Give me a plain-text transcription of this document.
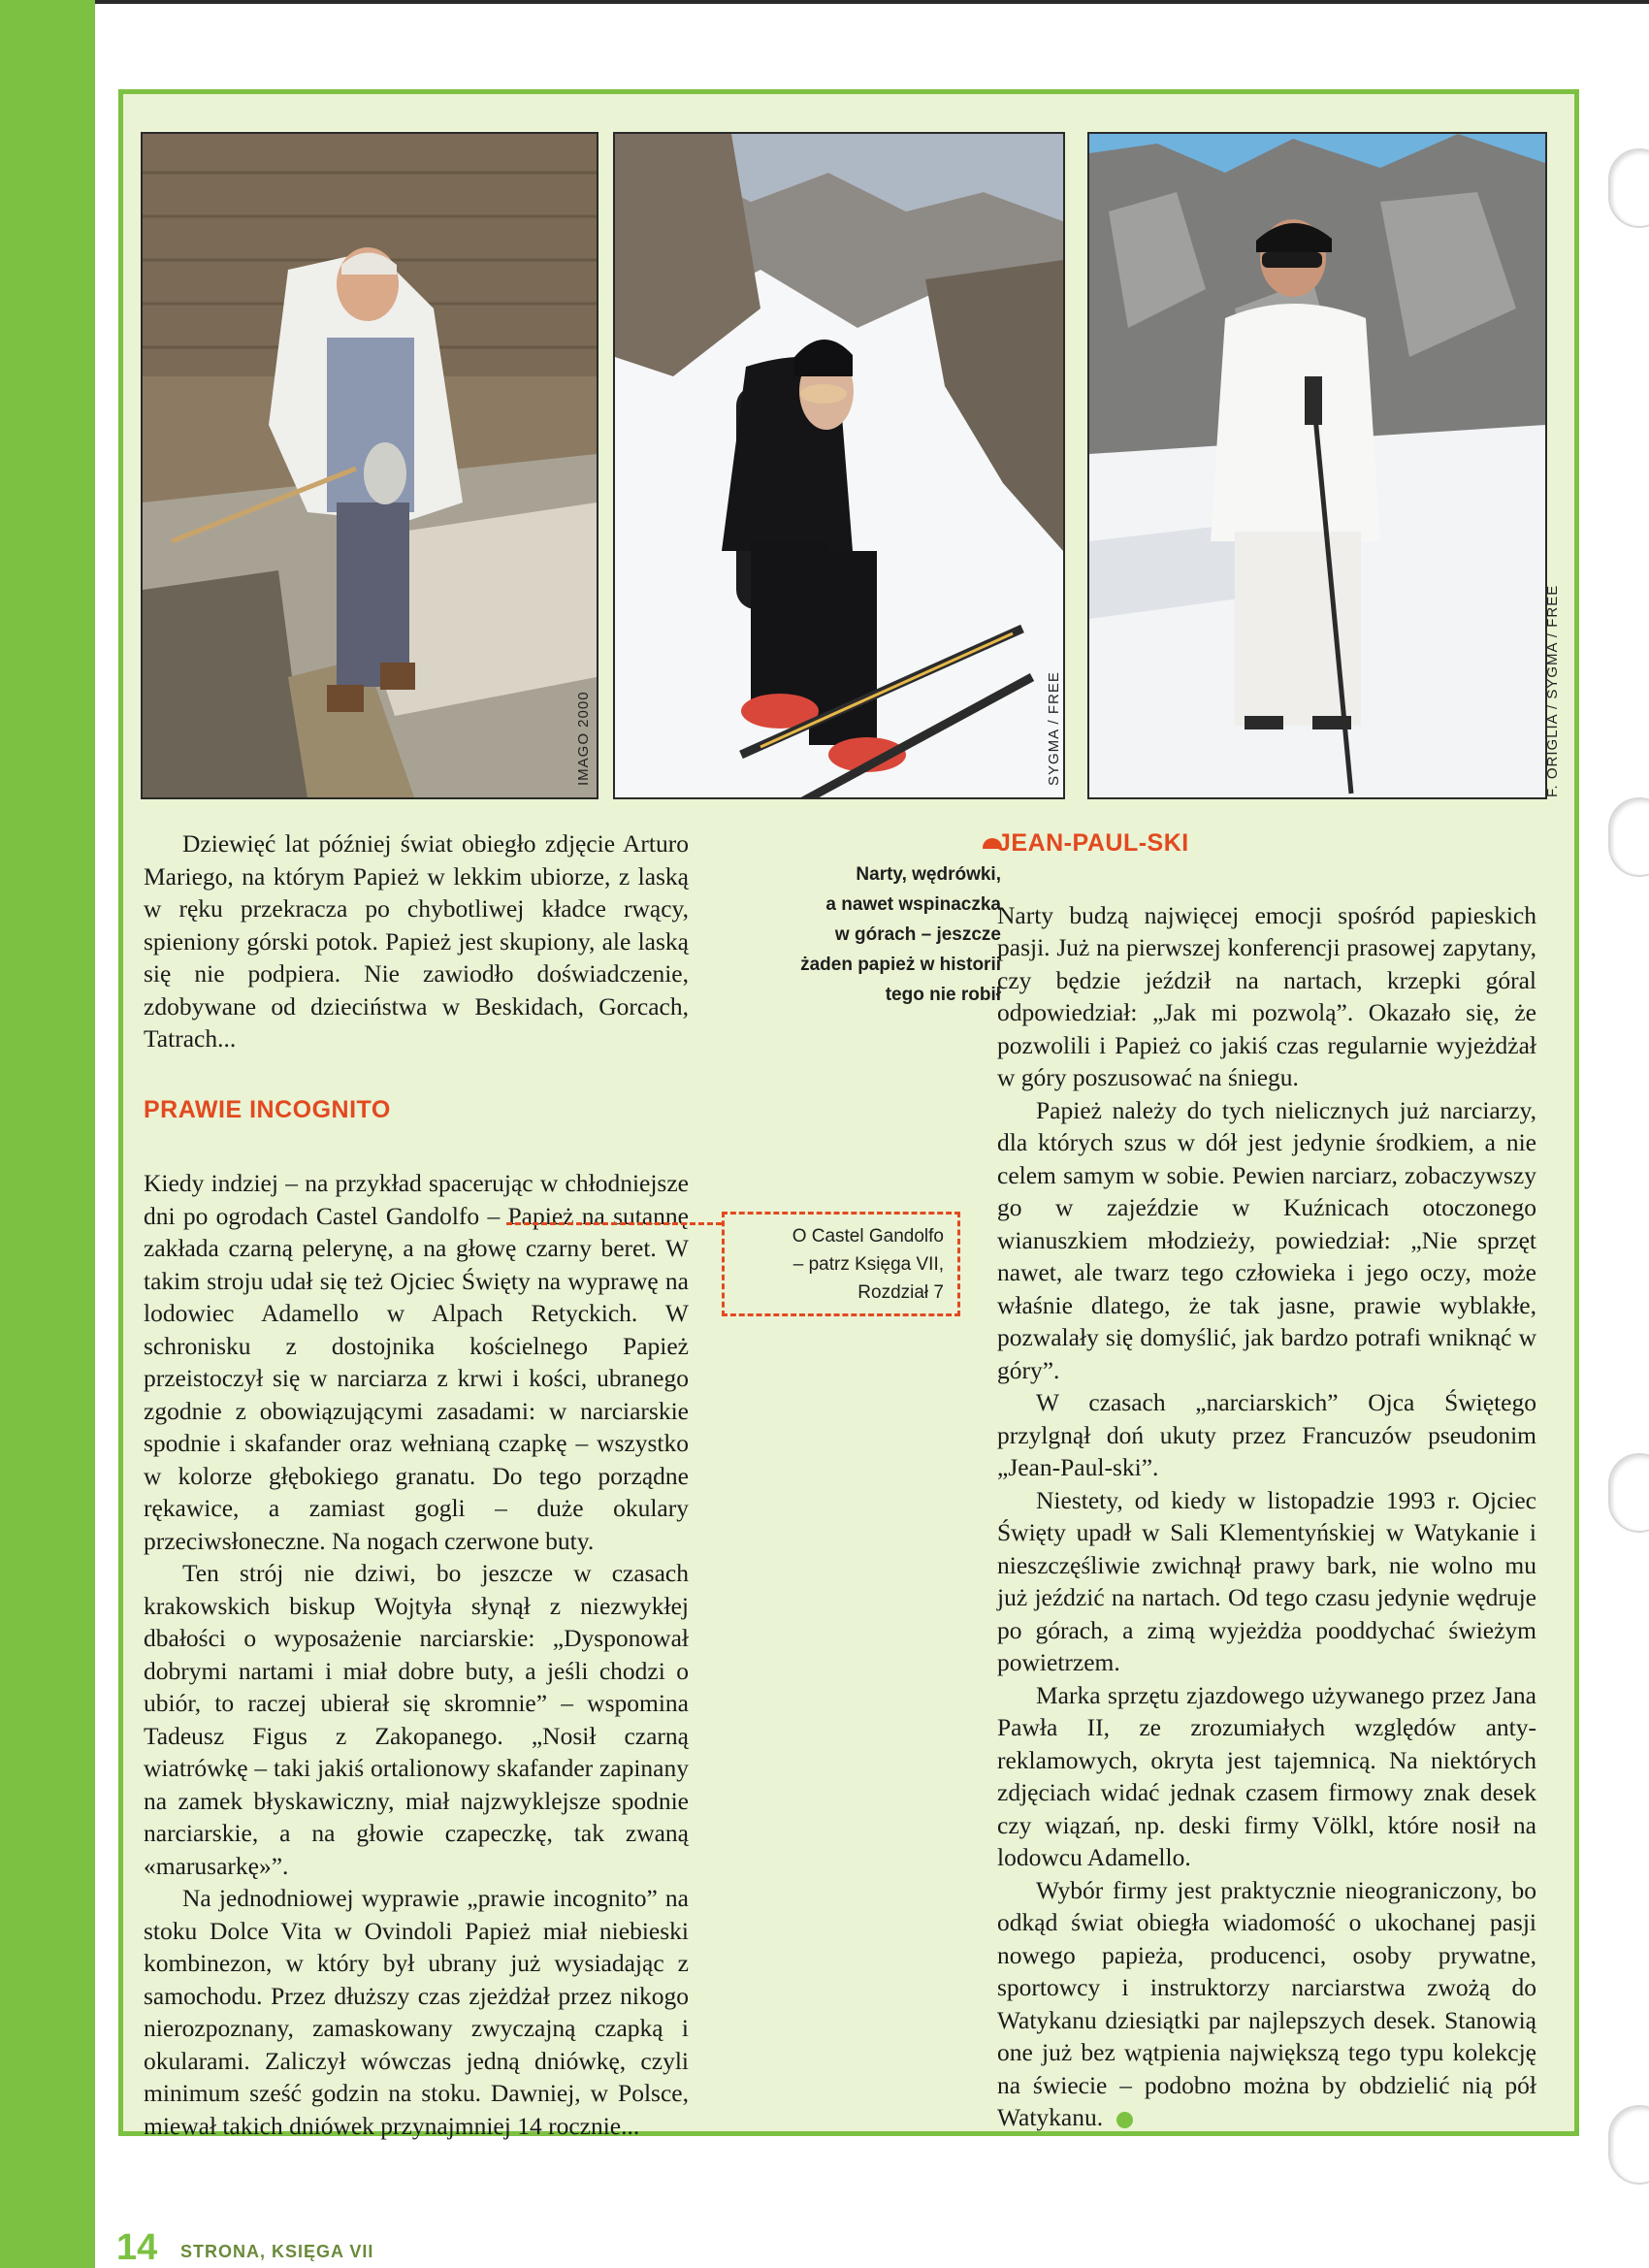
IMAGO 2000	SYGMA / FREE	F. ORIGLIA / SYGMA / FREE

Dziewięć lat później świat obiegło zdjęcie Arturo Mariego, na którym Papież w lekkim ubiorze, z laską w ręku przekracza po chybotliwej kładce rwący, spieniony górski potok. Papież jest skupiony, ale laską się nie podpiera. Nie zawiodło doświadczenie, zdobywane od dzieciństwa w Beskidach, Gorcach, Tatrach...

PRAWIE INCOGNITO

Kiedy indziej – na przykład spacerując w chłodniejsze dni po ogrodach Castel Gandolfo – Papież na sutannę zakłada czarną pelerynę, a na głowę czarny beret. W takim stroju udał się też Ojciec Święty na wyprawę na lodowiec Adamello w Alpach Retyckich. W schronisku z dostojnika kościelnego Papież przeistoczył się w narciarza z krwi i kości, ubranego zgodnie z obowiązującymi zasadami: w narciarskie spodnie i skafander oraz wełnianą czapkę – wszystko w kolorze głębokiego granatu. Do tego porządne rękawice, a zamiast gogli – duże okulary przeciwsłoneczne. Na nogach czerwone buty.

Ten strój nie dziwi, bo jeszcze w czasach krakowskich biskup Wojtyła słynął z niezwykłej dbałości o wyposażenie narciarskie: „Dysponował dobrymi nartami i miał dobre buty, a jeśli chodzi o ubiór, to raczej ubierał się skromnie” – wspomina Tadeusz Figus z Zakopanego. „Nosił czarną wiatrówkę – taki jakiś ortalionowy skafander zapinany na zamek błyskawiczny, miał najzwyklejsze spodnie narciarskie, a na głowie czapeczkę, tak zwaną «marusarkę»”.

Na jednodniowej wyprawie „prawie incognito” na stoku Dolce Vita w Ovindoli Papież miał niebieski kombinezon, w który był ubrany już wysiadając z samochodu. Przez dłuższy czas zjeżdżał przez nikogo nierozpoznany, zamaskowany zwyczajną czapką i okularami. Zaliczył wówczas jedną dniówkę, czyli minimum sześć godzin na stoku. Dawniej, w Polsce, miewał takich dniówek przynajmniej 14 rocznie...

Narty, wędrówki,
a nawet wspinaczka
w górach – jeszcze
żaden papież w historii
tego nie robił
O Castel Gandolfo
– patrz Księga VII,
Rozdział 7
JEAN-PAUL-SKI

Narty budzą najwięcej emocji spośród papieskich pasji. Już na pierwszej konferencji prasowej zapytany, czy będzie jeździł na nartach, krzepki góral odpowiedział: „Jak mi pozwolą”. Okazało się, że pozwolili i Papież co jakiś czas regularnie wyjeżdżał w góry poszusować na śniegu.

Papież należy do tych nielicznych już narciarzy, dla których szus w dół jest jedynie środkiem, a nie celem samym w sobie. Pewien narciarz, zobaczywszy go w zajeździe w Kuźnicach otoczonego wianuszkiem młodzieży, powiedział: „Nie sprzęt nawet, ale twarz tego człowieka i jego oczy, może właśnie dlatego, że tak jasne, prawie wyblakłe, pozwalały się domyślić, jak bardzo potrafi wniknąć w góry”.

W czasach „narciarskich” Ojca Świętego przylgnął doń ukuty przez Francuzów pseudonim „Jean-Paul-ski”.

Niestety, od kiedy w listopadzie 1993 r. Ojciec Święty upadł w Sali Klementyńskiej w Watykanie i nieszczęśliwie zwichnął prawy bark, nie wolno mu już jeździć na nartach. Od tego czasu jedynie wędruje po górach, a zimą wyjeżdża pooddychać świeżym powietrzem.

Marka sprzętu zjazdowego używanego przez Jana Pawła II, ze zrozumiałych względów anty-reklamowych, okryta jest tajemnicą. Na niektórych zdjęciach widać jednak czasem firmowy znak desek czy wiązań, np. deski firmy Völkl, które nosił na lodowcu Adamello.

Wybór firmy jest praktycznie nieograniczony, bo odkąd świat obiegła wiadomość o ukochanej pasji nowego papieża, producenci, osoby prywatne, sportowcy i instruktorzy narciarstwa zwożą do Watykanu dziesiątki par najlepszych desek. Stanowią one już bez wątpienia największą tego typu kolekcję na świecie – podobno można by obdzielić nią pół Watykanu.

14 STRONA, KSIĘGA VII
